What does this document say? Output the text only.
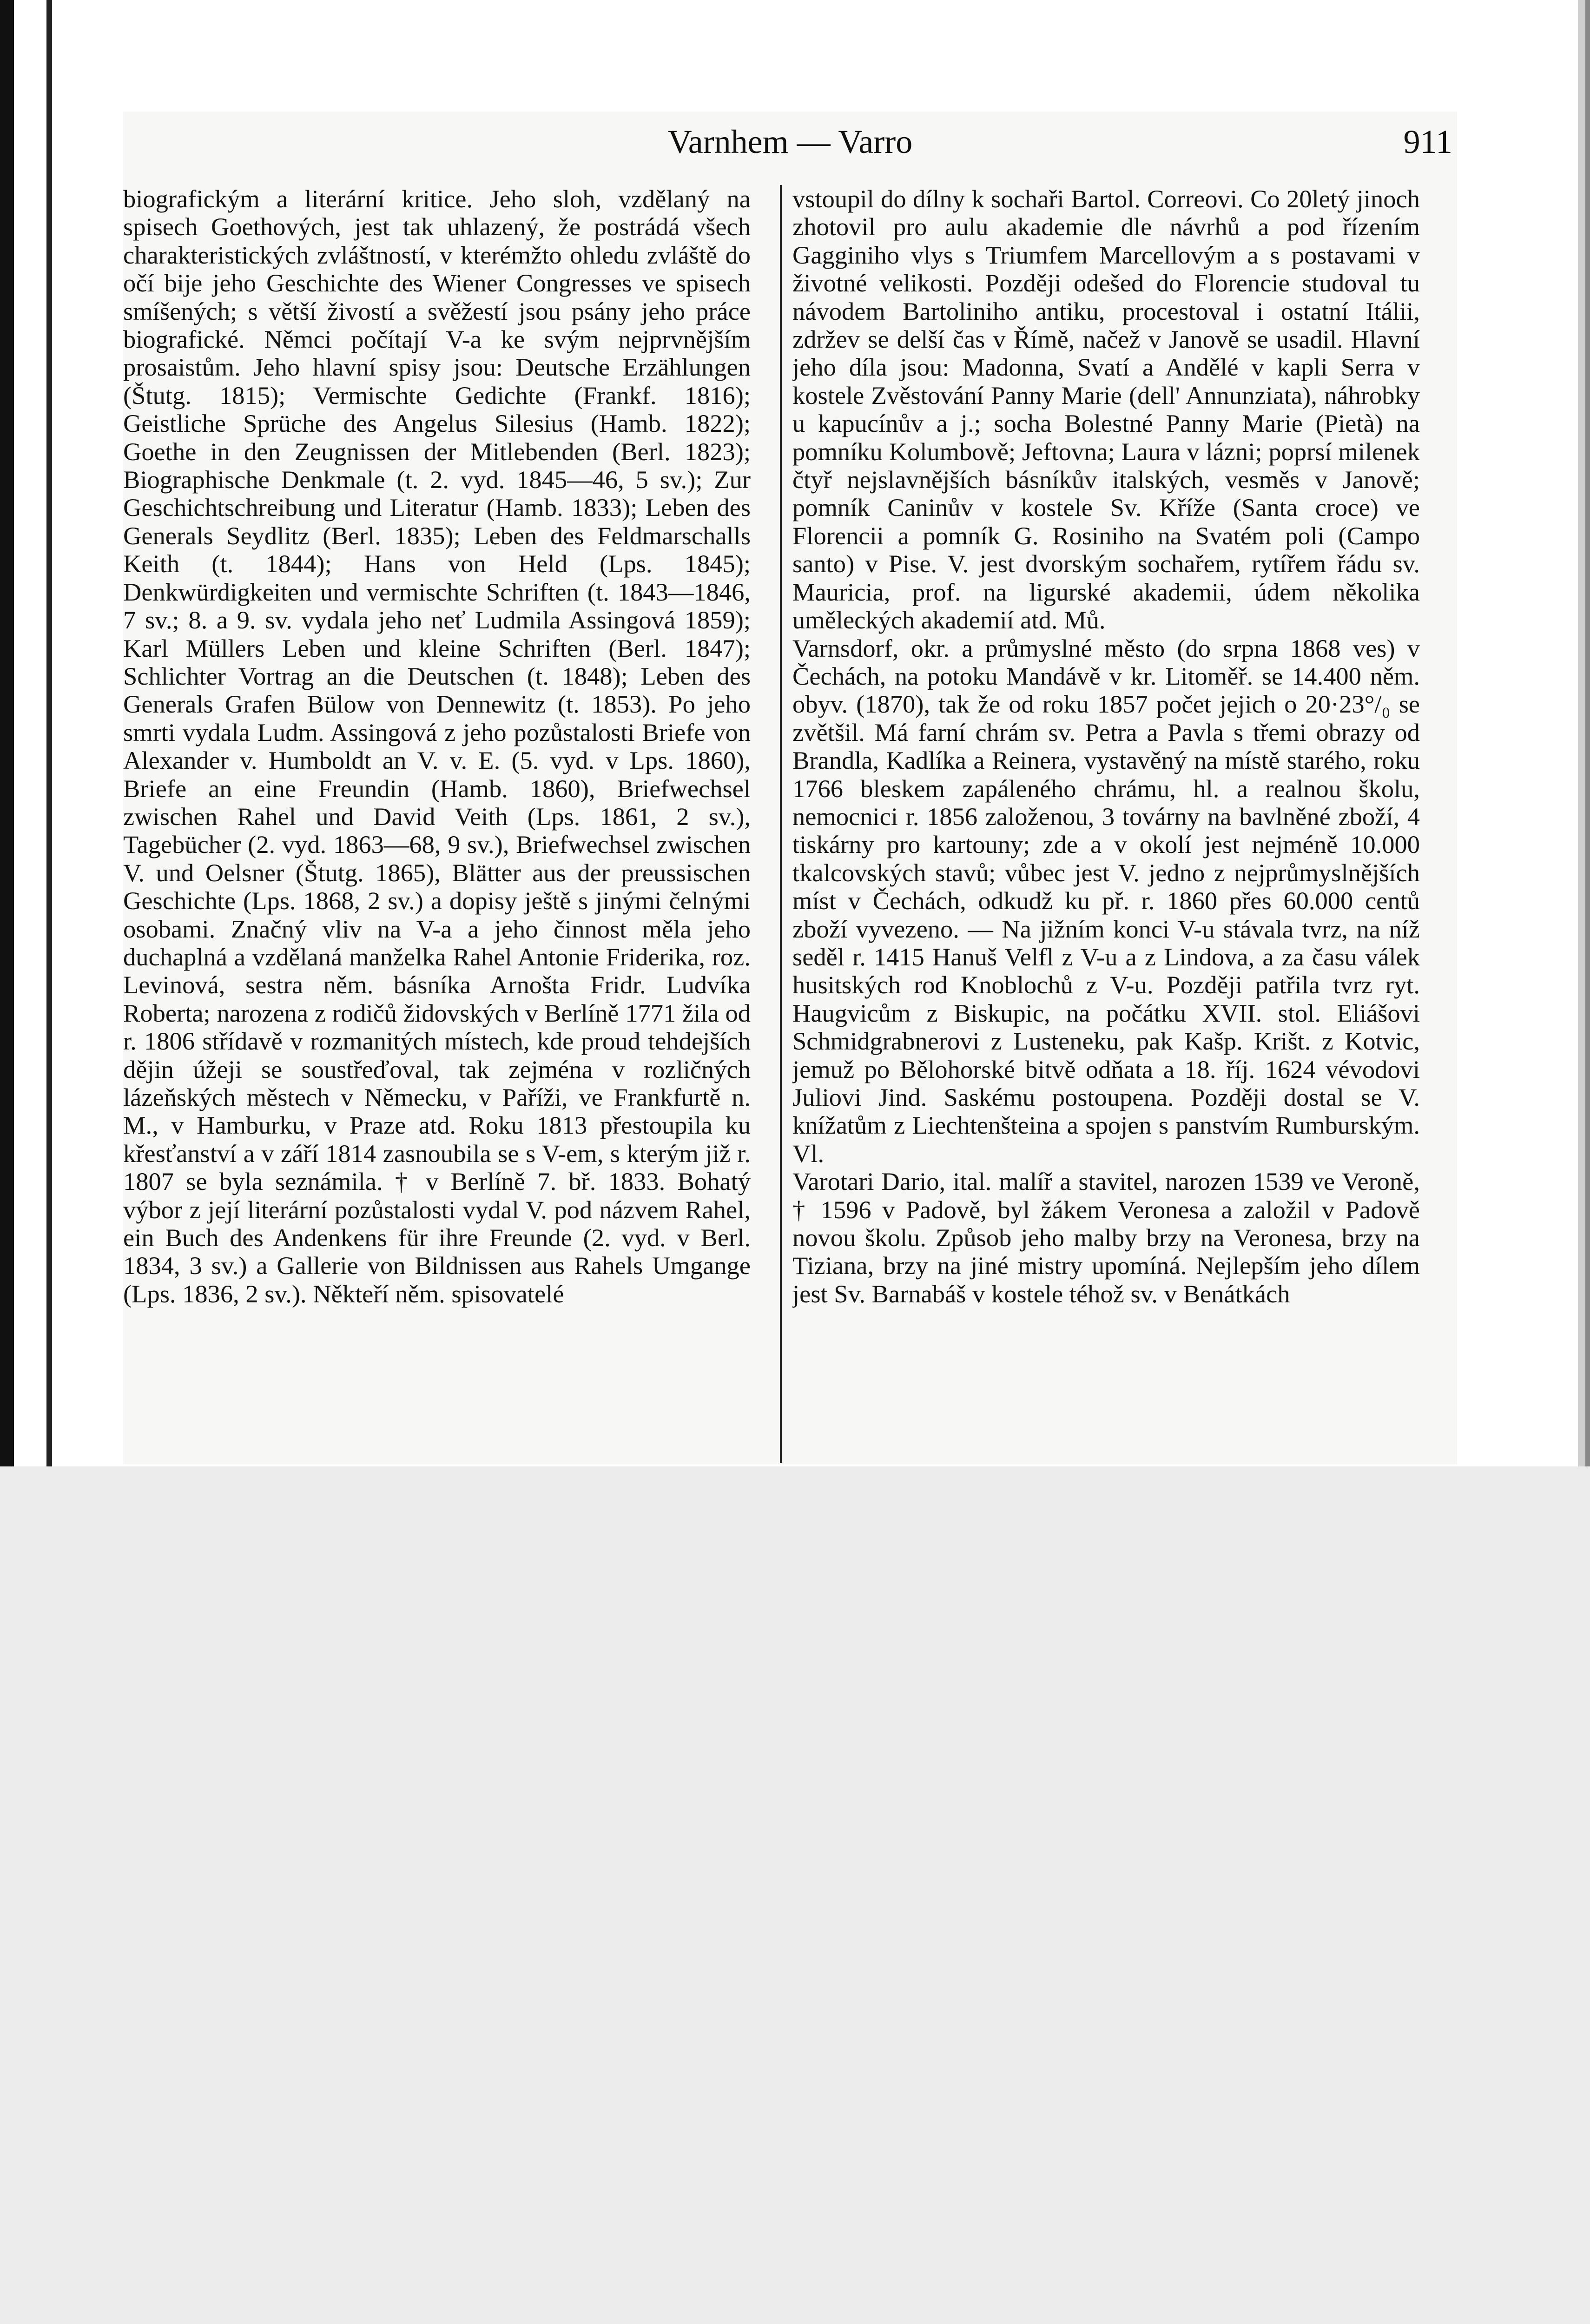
Varnhem — Varro	911

biografickým a literární kritice. Jeho sloh, vzdělaný na spisech Goethových, jest tak uhlazený, že postrádá všech charakteristických zvláštností, v kterémžto ohledu zvláště do očí bije jeho Geschichte des Wiener Congresses ve spisech smíšených; s větší živostí a svěžestí jsou psány jeho práce biografické. Němci počítají V-a ke svým nejprvnějším prosaistům. Jeho hlavní spisy jsou: Deutsche Erzählungen (Štutg. 1815); Vermischte Gedichte (Frankf. 1816); Geistliche Sprüche des Angelus Silesius (Hamb. 1822); Goethe in den Zeugnissen der Mitlebenden (Berl. 1823); Biographische Denkmale (t. 2. vyd. 1845—46, 5 sv.); Zur Geschichtschreibung und Literatur (Hamb. 1833); Leben des Generals Seydlitz (Berl. 1835); Leben des Feldmarschalls Keith (t. 1844); Hans von Held (Lps. 1845); Denkwürdigkeiten und vermischte Schriften (t. 1843—1846, 7 sv.; 8. a 9. sv. vydala jeho neť Ludmila Assingová 1859); Karl Müllers Leben und kleine Schriften (Berl. 1847); Schlichter Vortrag an die Deutschen (t. 1848); Leben des Generals Grafen Bülow von Dennewitz (t. 1853). Po jeho smrti vydala Ludm. Assingová z jeho pozůstalosti Briefe von Alexander v. Humboldt an V. v. E. (5. vyd. v Lps. 1860), Briefe an eine Freundin (Hamb. 1860), Briefwechsel zwischen Rahel und David Veith (Lps. 1861, 2 sv.), Tagebücher (2. vyd. 1863—68, 9 sv.), Briefwechsel zwischen V. und Oelsner (Štutg. 1865), Blätter aus der preussischen Geschichte (Lps. 1868, 2 sv.) a dopisy ještě s jinými čelnými osobami. Značný vliv na V-a a jeho činnost měla jeho duchaplná a vzdělaná manželka Rahel Antonie Friderika, roz. Levinová, sestra něm. básníka Arnošta Fridr. Ludvíka Roberta; narozena z rodičů židovských v Berlíně 1771 žila od r. 1806 střídavě v rozmanitých místech, kde proud tehdejších dějin úžeji se soustřeďoval, tak zejména v rozličných lázeňských městech v Německu, v Paříži, ve Frankfurtě n. M., v Hamburku, v Praze atd. Roku 1813 přestoupila ku křesťanství a v září 1814 zasnoubila se s V-em, s kterým již r. 1807 se byla seznámila. † v Berlíně 7. bř. 1833. Bohatý výbor z její literární pozůstalosti vydal V. pod názvem Rahel, ein Buch des Andenkens für ihre Freunde (2. vyd. v Berl. 1834, 3 sv.) a Gallerie von Bildnissen aus Rahels Umgange (Lps. 1836, 2 sv.). Někteří něm. spisovatelé

vstoupil do dílny k sochaři Bartol. Correovi. Co 20letý jinoch zhotovil pro aulu akademie dle návrhů a pod řízením Gagginiho vlys s Triumfem Marcellovým a s postavami v životné velikosti. Později odešed do Florencie studoval tu návodem Bartoliniho antiku, procestoval i ostatní Itálii, zdržev se delší čas v Římě, načež v Janově se usadil. Hlavní jeho díla jsou: Madonna, Svatí a Andělé v kapli Serra v kostele Zvěstování Panny Marie (dell' Annunziata), náhrobky u kapucínův a j.; socha Bolestné Panny Marie (Pietà) na pomníku Kolumbově; Jeftovna; Laura v lázni; poprsí milenek čtyř nejslavnějších básníkův italských, vesměs v Janově; pomník Caninův v kostele Sv. Kříže (Santa croce) ve Florencii a pomník G. Rosiniho na Svatém poli (Campo santo) v Pise. V. jest dvorským sochařem, rytířem řádu sv. Mauricia, prof. na ligurské akademii, údem několika uměleckých akademií atd. Mů.

Varnsdorf, okr. a průmyslné město (do srpna 1868 ves) v Čechách, na potoku Mandávě v kr. Litoměř. se 14.400 něm. obyv. (1870), tak že od roku 1857 počet jejich o 20·23°/₀ se zvětšil. Má farní chrám sv. Petra a Pavla s třemi obrazy od Brandla, Kadlíka a Reinera, vystavěný na místě starého, roku 1766 bleskem zapáleného chrámu, hl. a realnou školu, nemocnici r. 1856 založenou, 3 továrny na bavlněné zboží, 4 tiskárny pro kartouny; zde a v okolí jest nejméně 10.000 tkalcovských stavů; vůbec jest V. jedno z nejprůmyslnějších míst v Čechách, odkudž ku př. r. 1860 přes 60.000 centů zboží vyvezeno. — Na jižním konci V-u stávala tvrz, na níž seděl r. 1415 Hanuš Velfl z V-u a z Lindova, a za času válek husitských rod Knoblochů z V-u. Později patřila tvrz ryt. Haugvicům z Biskupic, na počátku XVII. stol. Eliášovi Schmidgrabnerovi z Lusteneku, pak Kašp. Krišt. z Kotvic, jemuž po Bělohorské bitvě odňata a 18. říj. 1624 vévodovi Juliovi Jind. Saskému postoupena. Později dostal se V. knížatům z Liechtenšteina a spojen s panstvím Rumburským. Vl.

Varotari Dario, ital. malíř a stavitel, narozen 1539 ve Veroně, † 1596 v Padově, byl žákem Veronesa a založil v Padově novou školu. Způsob jeho malby brzy na Veronesa, brzy na Tiziana, brzy na jiné mistry upomíná. Nejlepším jeho dílem jest Sv. Barnabáš v kostele téhož sv. v Benátkách
